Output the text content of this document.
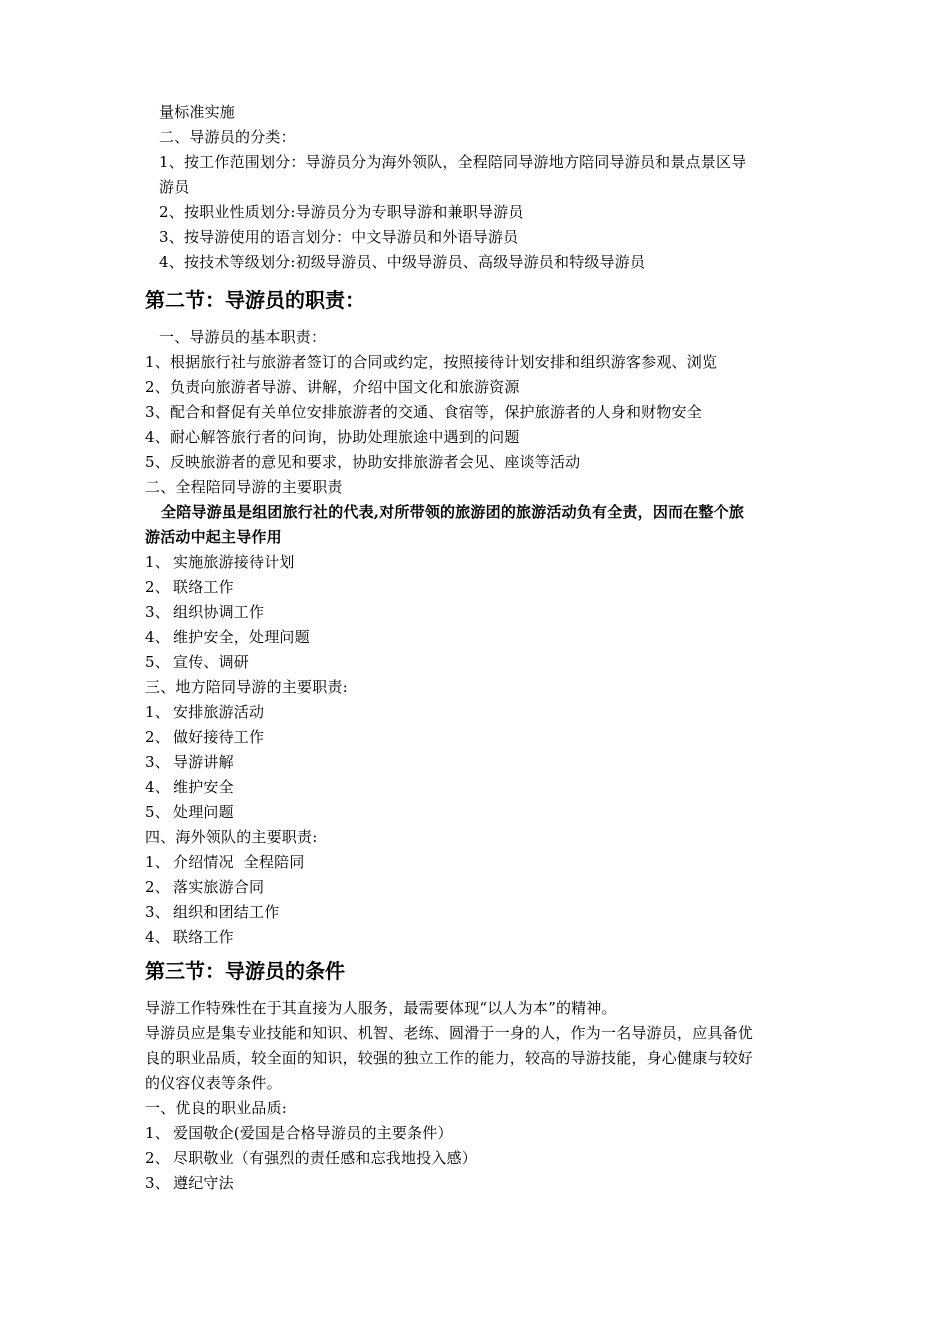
量标准实施
二、导游员的分类：
1、按工作范围划分：导游员分为海外领队，全程陪同导游地方陪同导游员和景点景区导
游员
2、按职业性质划分:导游员分为专职导游和兼职导游员
3、按导游使用的语言划分：中文导游员和外语导游员
4、按技术等级划分:初级导游员、中级导游员、高级导游员和特级导游员
第二节：导游员的职责：
一、导游员的基本职责：
1、根据旅行社与旅游者签订的合同或约定，按照接待计划安排和组织游客参观、浏览
2、负责向旅游者导游、讲解，介绍中国文化和旅游资源
3、配合和督促有关单位安排旅游者的交通、食宿等，保护旅游者的人身和财物安全
4、耐心解答旅行者的问询，协助处理旅途中遇到的问题
5、反映旅游者的意见和要求，协助安排旅游者会见、座谈等活动
二、全程陪同导游的主要职责
全陪导游虽是组团旅行社的代表,对所带领的旅游团的旅游活动负有全责，因而在整个旅
游活动中起主导作用
1、 实施旅游接待计划
2、 联络工作
3、 组织协调工作
4、 维护安全，处理问题
5、 宣传、调研
三、地方陪同导游的主要职责:
1、 安排旅游活动
2、 做好接待工作
3、 导游讲解
4、 维护安全
5、 处理问题
四、海外领队的主要职责:
1、 介绍情况  全程陪同
2、 落实旅游合同
3、 组织和团结工作
4、 联络工作
第三节：导游员的条件
导游工作特殊性在于其直接为人服务，最需要体现“以人为本”的精神。
导游员应是集专业技能和知识、机智、老练、圆滑于一身的人，作为一名导游员，应具备优
良的职业品质，较全面的知识，较强的独立工作的能力，较高的导游技能，身心健康与较好
的仪容仪表等条件。
一、优良的职业品质:
1、 爱国敬企(爱国是合格导游员的主要条件）
2、 尽职敬业（有强烈的责任感和忘我地投入感）
3、 遵纪守法
